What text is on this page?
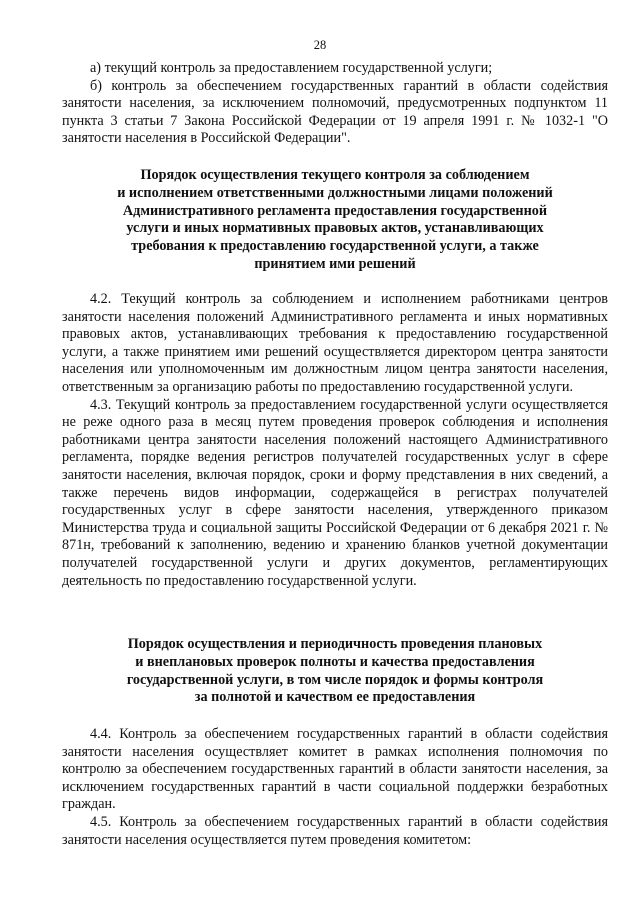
28

а) текущий контроль за предоставлением государственной услуги;

б) контроль за обеспечением государственных гарантий в области содействия занятости населения, за исключением полномочий, предусмотренных подпунктом 11 пункта 3 статьи 7 Закона Российской Федерации от 19 апреля 1991 г. № 1032-1 "О занятости населения в Российской Федерации".

Порядок осуществления текущего контроля за соблюдением
и исполнением ответственными должностными лицами положений
Административного регламента предоставления государственной
услуги и иных нормативных правовых актов, устанавливающих
требования к предоставлению государственной услуги, а также
принятием ими решений

4.2. Текущий контроль за соблюдением и исполнением работниками центров занятости населения положений Административного регламента и иных нормативных правовых актов, устанавливающих требования к предоставлению государственной услуги, а также принятием ими решений осуществляется директором центра занятости населения или уполномоченным им должностным лицом центра занятости населения, ответственным за организацию работы по предоставлению государственной услуги.

4.3. Текущий контроль за предоставлением государственной услуги осуществляется не реже одного раза в месяц путем проведения проверок соблюдения и исполнения работниками центра занятости населения положений настоящего Административного регламента, порядке ведения регистров получателей государственных услуг в сфере занятости населения, включая порядок, сроки и форму представления в них сведений, а также перечень видов информации, содержащейся в регистрах получателей государственных услуг в сфере занятости населения, утвержденного приказом Министерства труда и социальной защиты Российской Федерации от 6 декабря 2021 г. № 871н, требований к заполнению, ведению и хранению бланков учетной документации получателей государственной услуги и других документов, регламентирующих деятельность по предоставлению государственной услуги.

Порядок осуществления и периодичность проведения плановых
и внеплановых проверок полноты и качества предоставления
государственной услуги, в том числе порядок и формы контроля
за полнотой и качеством ее предоставления

4.4. Контроль за обеспечением государственных гарантий в области содействия занятости населения осуществляет комитет в рамках исполнения полномочия по контролю за обеспечением государственных гарантий в области занятости населения, за исключением государственных гарантий в части социальной поддержки безработных граждан.

4.5. Контроль за обеспечением государственных гарантий в области содействия занятости населения осуществляется путем проведения комитетом:
